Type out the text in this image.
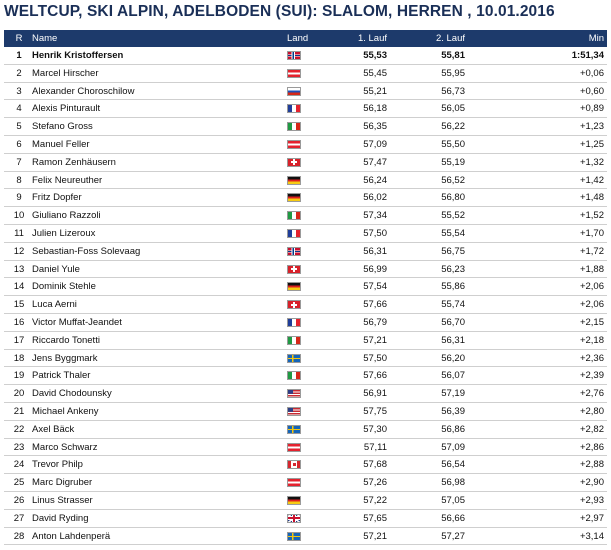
WELTCUP, SKI ALPIN, ADELBODEN (SUI): SLALOM, HERREN , 10.01.2016
R	Name	Land	1. Lauf	2. Lauf	Min
1	Henrik Kristoffersen	55,53	55,81	1:51,34
2	Marcel Hirscher	55,45	55,95	+0,06
3	Alexander Choroschilow	55,21	56,73	+0,60
4	Alexis Pinturault	56,18	56,05	+0,89
5	Stefano Gross	56,35	56,22	+1,23
6	Manuel Feller	57,09	55,50	+1,25
7	Ramon Zenhäusern	57,47	55,19	+1,32
8	Felix Neureuther	56,24	56,52	+1,42
9	Fritz Dopfer	56,02	56,80	+1,48
10 Giuliano Razzoli	57,34	55,52	+1,52
11 Julien Lizeroux	57,50	55,54	+1,70
12 Sebastian-Foss Solevaag	56,31	56,75	+1,72
13 Daniel Yule	56,99	56,23	+1,88
14 Dominik Stehle	57,54	55,86	+2,06
15 Luca Aerni	57,66	55,74	+2,06
16 Victor Muffat-Jeandet	56,79	56,70	+2,15
17 Riccardo Tonetti	57,21	56,31	+2,18
18 Jens Byggmark	57,50	56,20	+2,36
19 Patrick Thaler	57,66	56,07	+2,39
20 David Chodounsky	56,91	57,19	+2,76
21 Michael Ankeny	57,75	56,39	+2,80
22 Axel Bäck	57,30	56,86	+2,82
23 Marco Schwarz	57,11	57,09	+2,86
24 Trevor Philp	57,68	56,54	+2,88
25 Marc Digruber	57,26	56,98	+2,90
26 Linus Strasser	57,22	57,05	+2,93
27 David Ryding	57,65	56,66	+2,97
28 Anton Lahdenperä	57,21	57,27	+3,14
